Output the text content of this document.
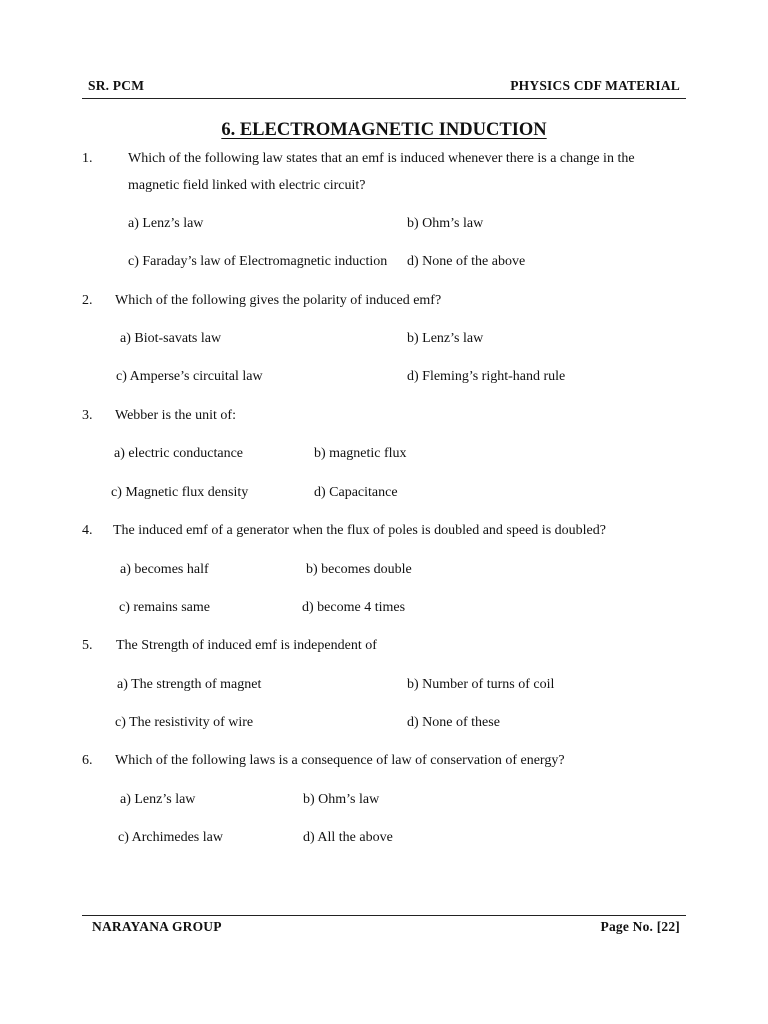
SR. PCM	PHYSICS CDF MATERIAL
6. ELECTROMAGNETIC INDUCTION
1.	Which of the following law states that an emf is induced whenever there is a change in the
magnetic field linked with electric circuit?
a) Lenz’s law	b) Ohm’s law
c) Faraday’s law of Electromagnetic induction d) None of the above
2. Which of the following gives the polarity of induced emf?
a) Biot-savats law	b) Lenz’s law
c) Amperse’s circuital law	d) Fleming’s right-hand rule
3. Webber is the unit of:
a) electric conductance	b) magnetic flux
c) Magnetic flux density	d) Capacitance
4. The induced emf of a generator when the flux of poles is doubled and speed is doubled?
a) becomes half	b) becomes double
c) remains same	d) become 4 times
5. The Strength of induced emf is independent of
a) The strength of magnet	b) Number of turns of coil
c) The resistivity of wire	d) None of these
6. Which of the following laws is a consequence of law of conservation of energy?
a) Lenz’s law	b) Ohm’s law
c) Archimedes law	d) All the above
NARAYANA GROUP	Page No. [22]
